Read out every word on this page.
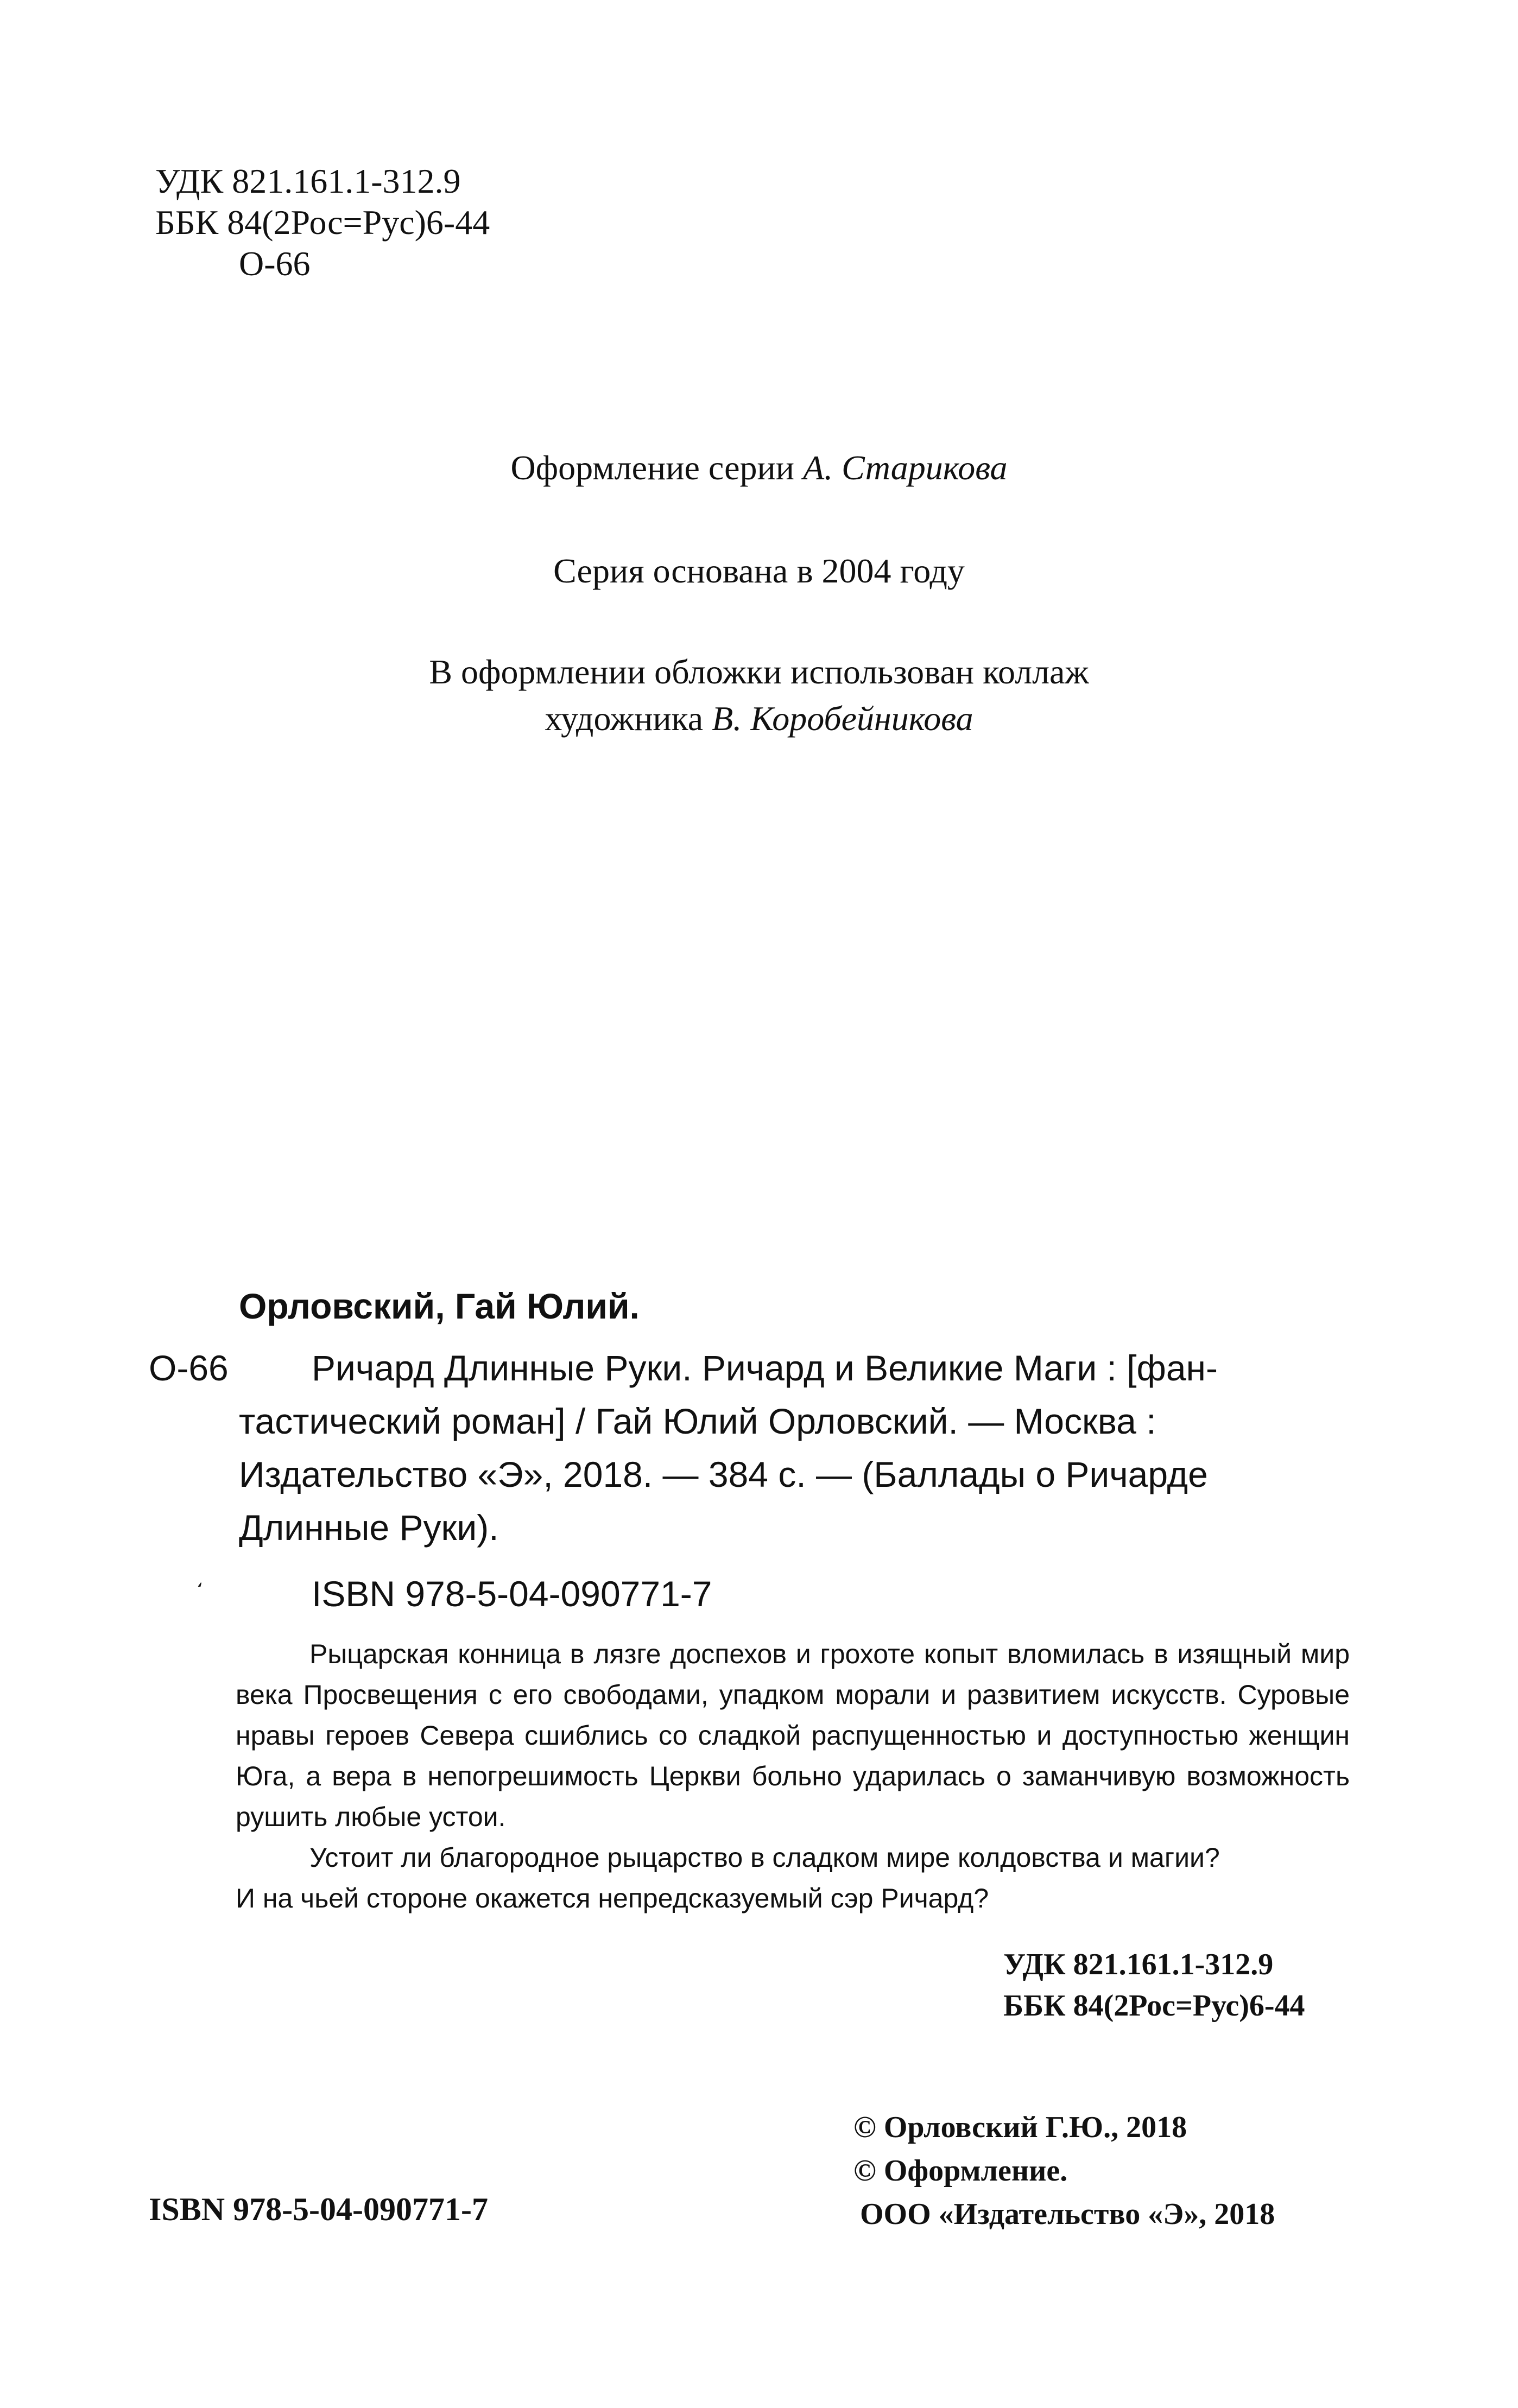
УДК 821.161.1-312.9
ББК 84(2Рос=Рус)6-44
О-66
Оформление серии А. Старикова
Серия основана в 2004 году
В оформлении обложки использован коллаж
художника В. Коробейникова
Орловский, Гай Юлий.
О-66 Ричард Длинные Руки. Ричард и Великие Маги : [фан-
тастический роман] / Гай Юлий Орловский. — Москва :
Издательство «Э», 2018. — 384 с. — (Баллады о Ричарде
Длинные Руки).
͵
ISBN 978-5-04-090771-7

Рыцарская конница в лязге доспехов и грохоте копыт вломилась в изящный мир века Просвещения с его свободами, упадком морали и развитием искусств. Суровые нравы героев Севера сшиблись со сладкой распущенностью и доступностью женщин Юга, а вера в непогрешимость Церкви больно ударилась о заманчивую возможность рушить любые устои.

Устоит ли благородное рыцарство в сладком мире колдовства и магии?

И на чьей стороне окажется непредсказуемый сэр Ричард?

УДК 821.161.1-312.9
ББК 84(2Рос=Рус)6-44
© Орловский Г.Ю., 2018
© Оформление.
ООО «Издательство «Э», 2018
ISBN 978-5-04-090771-7
